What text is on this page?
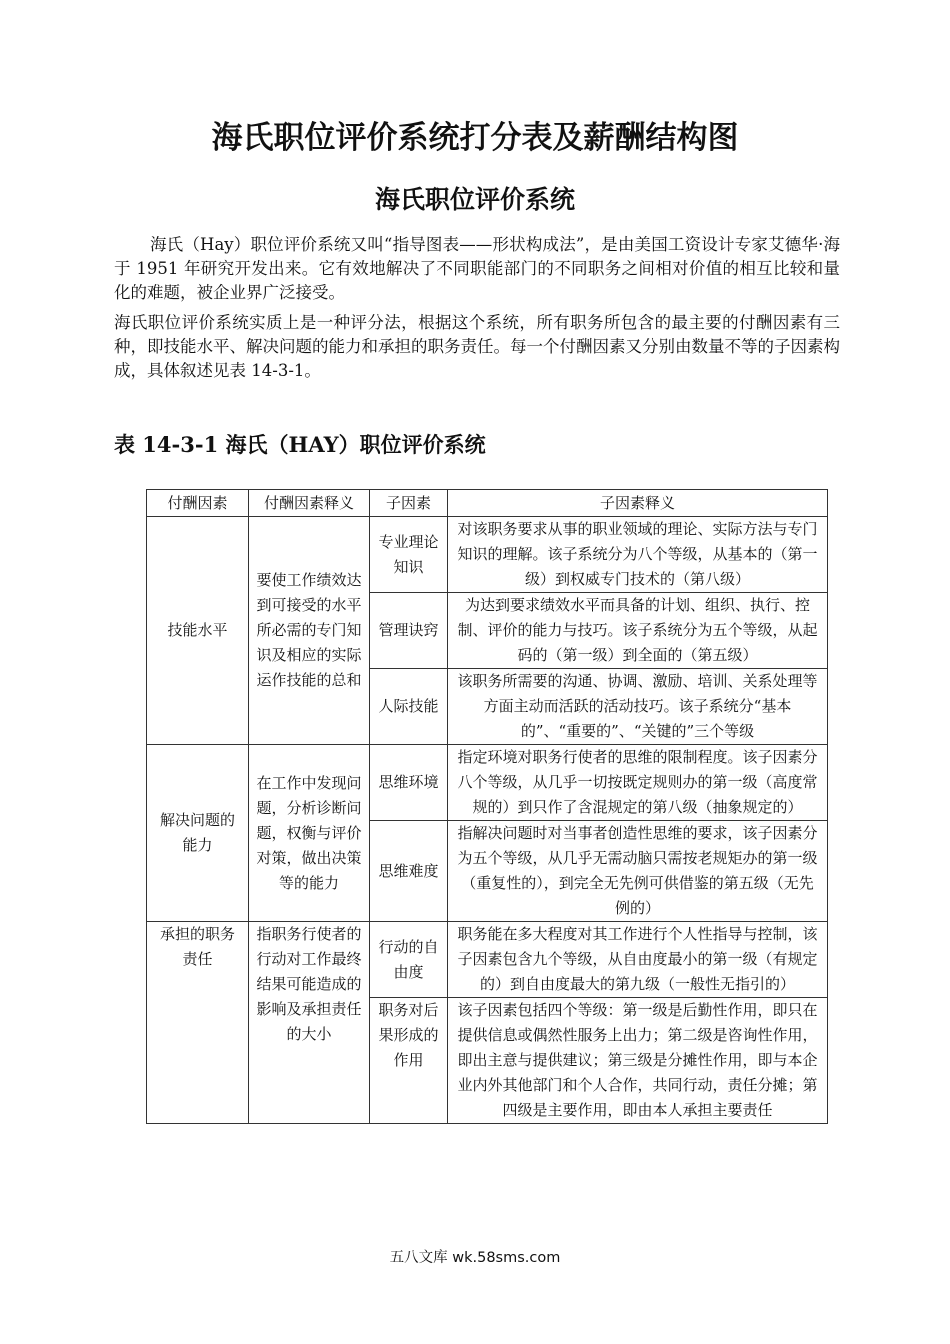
海氏职位评价系统打分表及薪酬结构图
海氏职位评价系统

海氏（Hay）职位评价系统又叫“指导图表——形状构成法”，是由美国工资设计专家艾德华·海于 1951 年研究开发出来。它有效地解决了不同职能部门的不同职务之间相对价值的相互比较和量化的难题，被企业界广泛接受。

海氏职位评价系统实质上是一种评分法，根据这个系统，所有职务所包含的最主要的付酬因素有三种，即技能水平、解决问题的能力和承担的职务责任。每一个付酬因素又分别由数量不等的子因素构成，具体叙述见表 14-3-1。

表 14-3-1 海氏（HAY）职位评价系统
付酬因素	付酬因素释义	子因素	子因素释义
技能水平	要使工作绩效达到可接受的水平所必需的专门知识及相应的实际运作技能的总和	专业理论知识	对该职务要求从事的职业领域的理论、实际方法与专门知识的理解。该子系统分为八个等级，从基本的（第一级）到权威专门技术的（第八级）
		管理诀窍	为达到要求绩效水平而具备的计划、组织、执行、控制、评价的能力与技巧。该子系统分为五个等级，从起码的（第一级）到全面的（第五级）
		人际技能	该职务所需要的沟通、协调、激励、培训、关系处理等方面主动而活跃的活动技巧。该子系统分“基本的”、“重要的”、“关键的”三个等级
解决问题的能力	在工作中发现问题，分析诊断问题，权衡与评价对策，做出决策等的能力	思维环境	指定环境对职务行使者的思维的限制程度。该子因素分八个等级，从几乎一切按既定规则办的第一级（高度常规的）到只作了含混规定的第八级（抽象规定的）
		思维难度	指解决问题时对当事者创造性思维的要求，该子因素分为五个等级，从几乎无需动脑只需按老规矩办的第一级（重复性的），到完全无先例可供借鉴的第五级（无先例的）
承担的职务责任	指职务行使者的行动对工作最终结果可能造成的影响及承担责任的大小	行动的自由度	职务能在多大程度对其工作进行个人性指导与控制，该子因素包含九个等级，从自由度最小的第一级（有规定的）到自由度最大的第九级（一般性无指引的）
		职务对后果形成的作用	该子因素包括四个等级：第一级是后勤性作用，即只在提供信息或偶然性服务上出力；第二级是咨询性作用，即出主意与提供建议；第三级是分摊性作用，即与本企业内外其他部门和个人合作，共同行动，责任分摊；第四级是主要作用，即由本人承担主要责任
五八文库 wk.58sms.com
